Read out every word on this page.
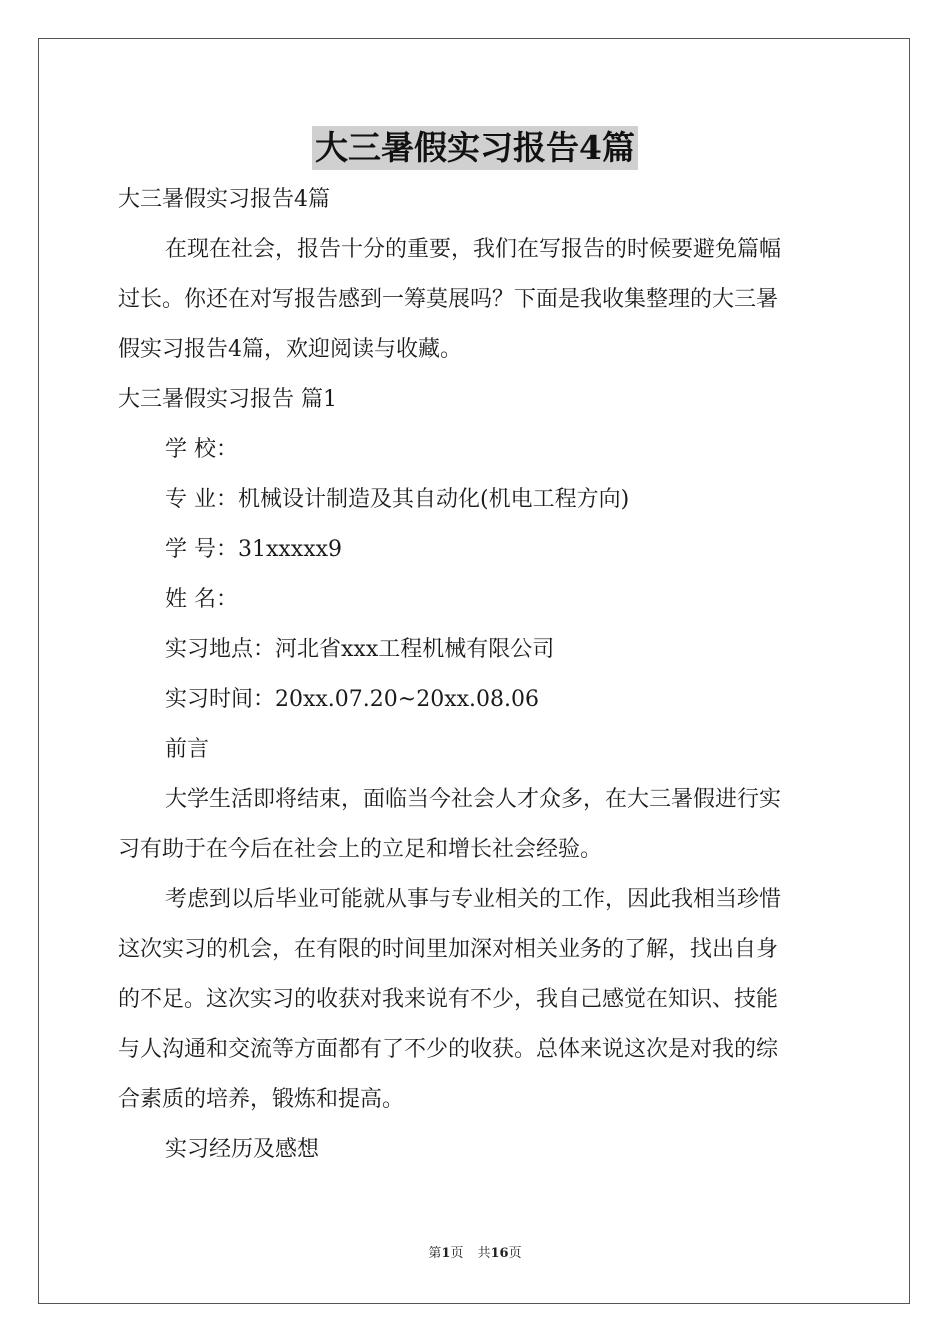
大三暑假实习报告4篇
大三暑假实习报告4篇
在现在社会，报告十分的重要，我们在写报告的时候要避免篇幅
过长。你还在对写报告感到一筹莫展吗？下面是我收集整理的大三暑
假实习报告4篇，欢迎阅读与收藏。
大三暑假实习报告 篇1
学 校：
专 业：机械设计制造及其自动化(机电工程方向)
学 号：31xxxxx9
姓 名：
实习地点：河北省xxx工程机械有限公司
实习时间：20xx.07.20~20xx.08.06
前言
大学生活即将结束，面临当今社会人才众多，在大三暑假进行实
习有助于在今后在社会上的立足和增长社会经验。
考虑到以后毕业可能就从事与专业相关的工作，因此我相当珍惜
这次实习的机会，在有限的时间里加深对相关业务的了解，找出自身
的不足。这次实习的收获对我来说有不少，我自己感觉在知识、技能
与人沟通和交流等方面都有了不少的收获。总体来说这次是对我的综
合素质的培养，锻炼和提高。
实习经历及感想
第1页 共16页
